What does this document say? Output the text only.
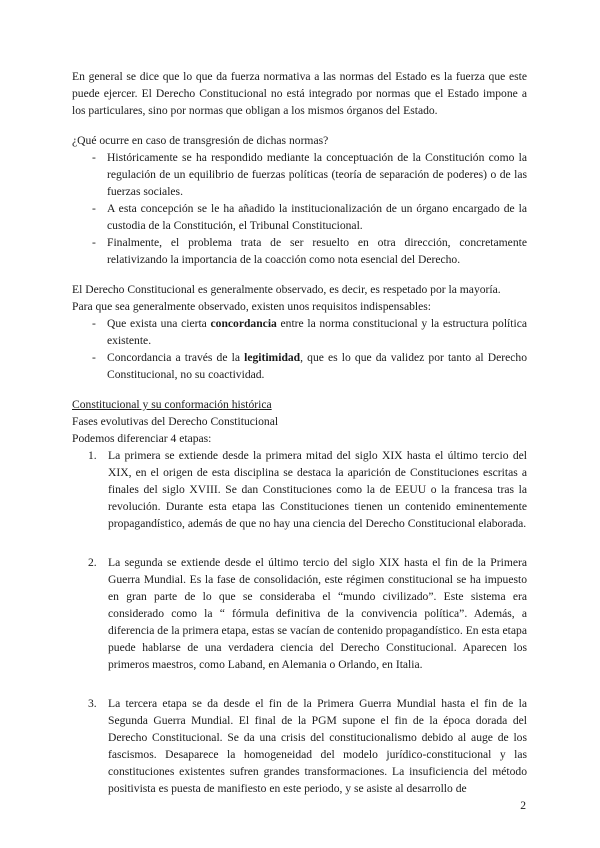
En general se dice que lo que da fuerza normativa a las normas del Estado es la fuerza que este puede ejercer. El Derecho Constitucional no está integrado por normas que el Estado impone a los particulares, sino por normas que obligan a los mismos órganos del Estado.

¿Qué ocurre en caso de transgresión de dichas normas?

- Históricamente se ha respondido mediante la conceptuación de la Constitución como la regulación de un equilibrio de fuerzas políticas (teoría de separación de poderes) o de las fuerzas sociales.
- A esta concepción se le ha añadido la institucionalización de un órgano encargado de la custodia de la Constitución, el Tribunal Constitucional.
- Finalmente, el problema trata de ser resuelto en otra dirección, concretamente relativizando la importancia de la coacción como nota esencial del Derecho.

El Derecho Constitucional es generalmente observado, es decir, es respetado por la mayoría.

Para que sea generalmente observado, existen unos requisitos indispensables:

- Que exista una cierta concordancia entre la norma constitucional y la estructura política existente.
- Concordancia a través de la legitimidad, que es lo que da validez por tanto al Derecho Constitucional, no su coactividad.

Constitucional y su conformación histórica

Fases evolutivas del Derecho Constitucional

Podemos diferenciar 4 etapas:

1. La primera se extiende desde la primera mitad del siglo XIX hasta el último tercio del XIX, en el origen de esta disciplina se destaca la aparición de Constituciones escritas a finales del siglo XVIII. Se dan Constituciones como la de EEUU o la francesa tras la revolución. Durante esta etapa las Constituciones tienen un contenido eminentemente propagandístico, además de que no hay una ciencia del Derecho Constitucional elaborada.
2. La segunda se extiende desde el último tercio del siglo XIX hasta el fin de la Primera Guerra Mundial. Es la fase de consolidación, este régimen constitucional se ha impuesto en gran parte de lo que se consideraba el “mundo civilizado”. Este sistema era considerado como la “ fórmula definitiva de la convivencia política”. Además, a diferencia de la primera etapa, estas se vacían de contenido propagandístico. En esta etapa puede hablarse de una verdadera ciencia del Derecho Constitucional. Aparecen los primeros maestros, como Laband, en Alemania o Orlando, en Italia.
3. La tercera etapa se da desde el fin de la Primera Guerra Mundial hasta el fin de la Segunda Guerra Mundial. El final de la PGM supone el fin de la época dorada del Derecho Constitucional. Se da una crisis del constitucionalismo debido al auge de los fascismos. Desaparece la homogeneidad del modelo jurídico-constitucional y las constituciones existentes sufren grandes transformaciones. La insuficiencia del método positivista es puesta de manifiesto en este periodo, y se asiste al desarrollo de
2
